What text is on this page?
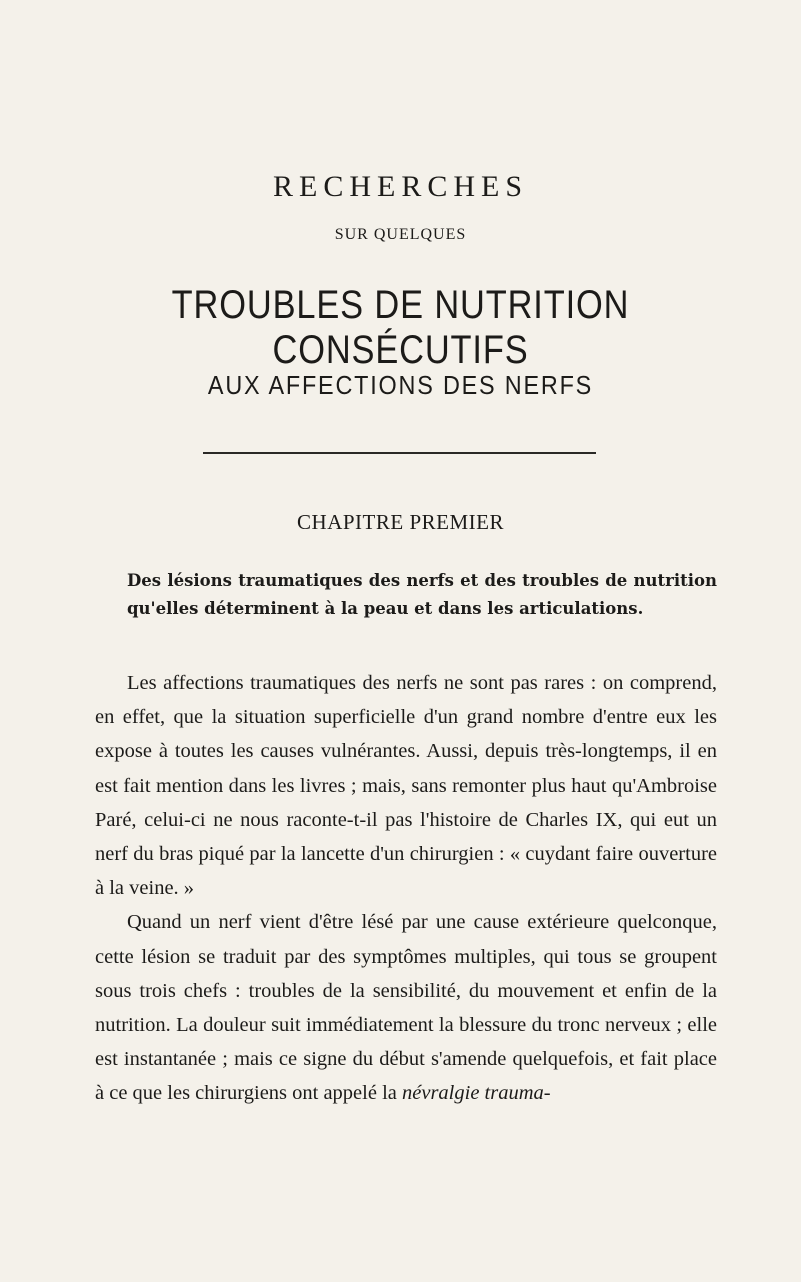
RECHERCHES
SUR QUELQUES
TROUBLES DE NUTRITION CONSÉCUTIFS
AUX AFFECTIONS DES NERFS
CHAPITRE PREMIER

Des lésions traumatiques des nerfs et des troubles de nutrition qu'elles déterminent à la peau et dans les articulations.

Les affections traumatiques des nerfs ne sont pas rares : on comprend, en effet, que la situation superficielle d'un grand nombre d'entre eux les expose à toutes les causes vulnérantes. Aussi, depuis très-longtemps, il en est fait mention dans les livres ; mais, sans remonter plus haut qu'Ambroise Paré, celui-ci ne nous raconte-t-il pas l'histoire de Charles IX, qui eut un nerf du bras piqué par la lancette d'un chirurgien : « cuydant faire ouverture à la veine. »

Quand un nerf vient d'être lésé par une cause extérieure quelconque, cette lésion se traduit par des symptômes multiples, qui tous se groupent sous trois chefs : troubles de la sensibilité, du mouvement et enfin de la nutrition. La douleur suit immédiatement la blessure du tronc nerveux ; elle est instantanée ; mais ce signe du début s'amende quelquefois, et fait place à ce que les chirurgiens ont appelé la névralgie trauma-
